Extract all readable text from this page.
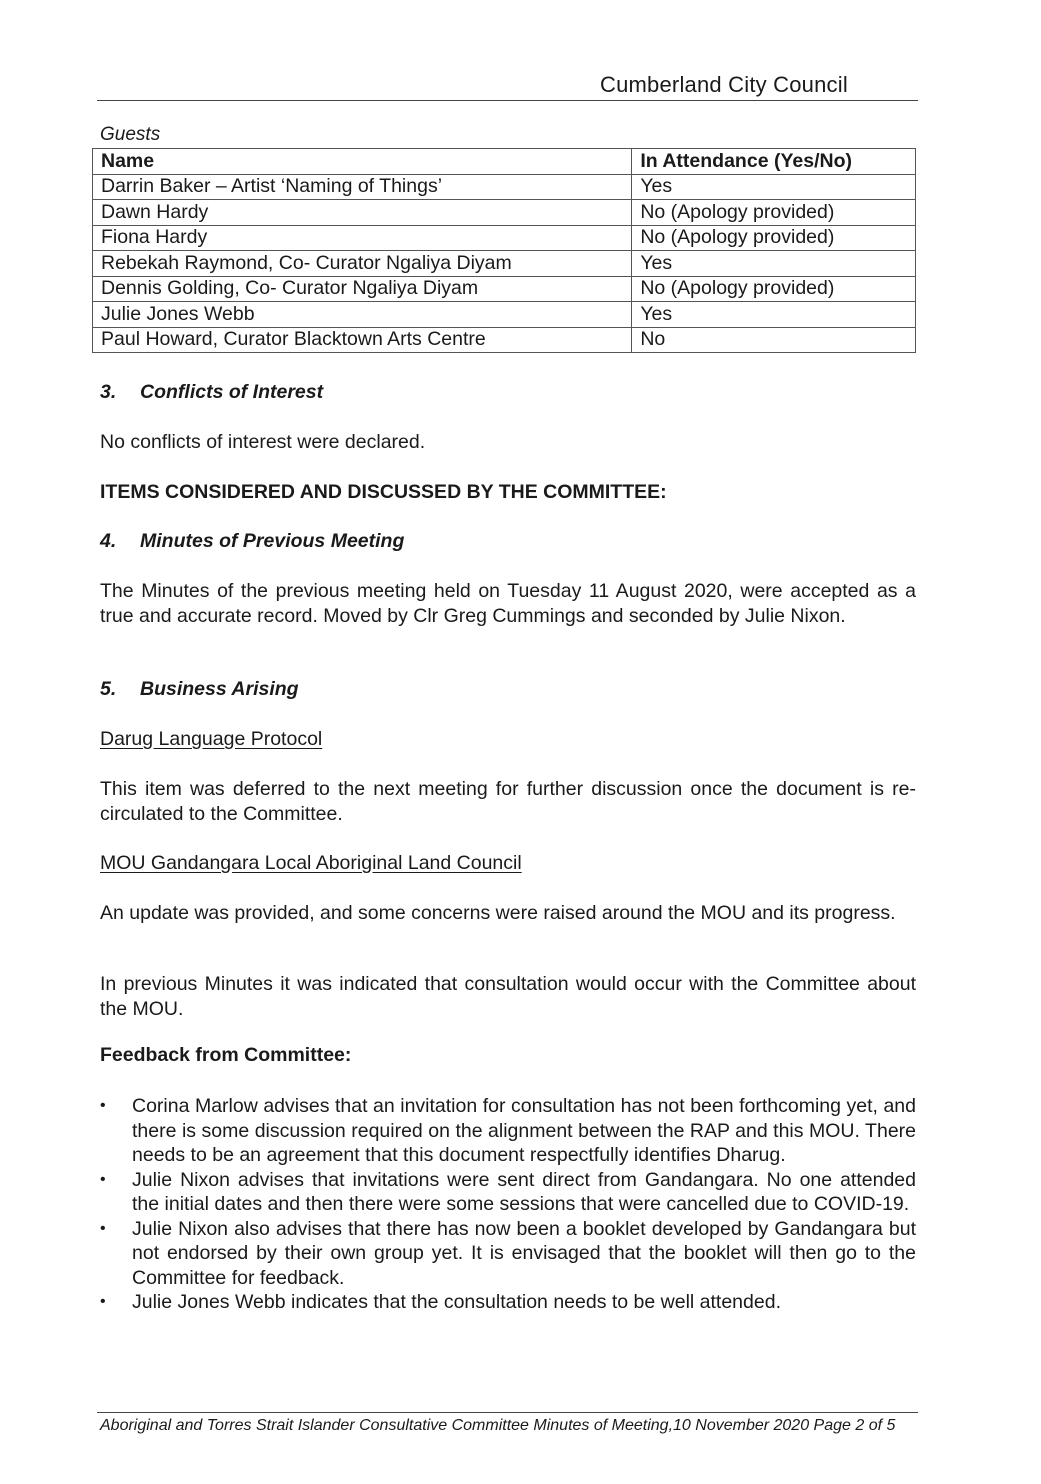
Cumberland City Council
Guests
Name	In Attendance (Yes/No)
Darrin Baker – Artist ‘Naming of Things’	Yes
Dawn Hardy	No (Apology provided)
Fiona Hardy	No (Apology provided)
Rebekah Raymond, Co- Curator Ngaliya Diyam	Yes
Dennis Golding, Co- Curator Ngaliya Diyam	No (Apology provided)
Julie Jones Webb	Yes
Paul Howard, Curator Blacktown Arts Centre	No
3. Conflicts of Interest
No conflicts of interest were declared.
ITEMS CONSIDERED AND DISCUSSED BY THE COMMITTEE:
4. Minutes of Previous Meeting
The Minutes of the previous meeting held on Tuesday 11 August 2020, were accepted as a true and accurate record. Moved by Clr Greg Cummings and seconded by Julie Nixon.
5. Business Arising
Darug Language Protocol
This item was deferred to the next meeting for further discussion once the document is re-circulated to the Committee.
MOU Gandangara Local Aboriginal Land Council
An update was provided, and some concerns were raised around the MOU and its progress.
In previous Minutes it was indicated that consultation would occur with the Committee about the MOU.
Feedback from Committee:
• Corina Marlow advises that an invitation for consultation has not been forthcoming yet, and there is some discussion required on the alignment between the RAP and this MOU. There needs to be an agreement that this document respectfully identifies Dharug.
• Julie Nixon advises that invitations were sent direct from Gandangara. No one attended the initial dates and then there were some sessions that were cancelled due to COVID-19.
• Julie Nixon also advises that there has now been a booklet developed by Gandangara but not endorsed by their own group yet. It is envisaged that the booklet will then go to the Committee for feedback.
• Julie Jones Webb indicates that the consultation needs to be well attended.
Aboriginal and Torres Strait Islander Consultative Committee Minutes of Meeting,10 November 2020 Page 2 of 5
